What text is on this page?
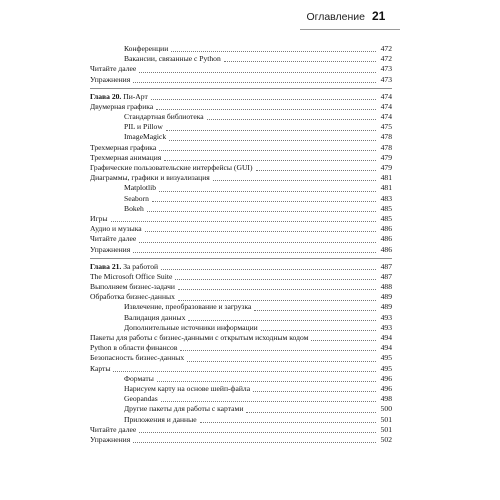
Оглавление 21
Конференции	472
Вакансии, связанные с Python	472
Читайте далее	473
Упражнения	473
Глава 20. Пи-Арт	474
Двумерная графика	474
Стандартная библиотека	474
PIL и Pillow	475
ImageMagick	478
Трехмерная графика	478
Трехмерная анимация	479
Графические пользовательские интерфейсы (GUI)	479
Диаграммы, графики и визуализация	481
Matplotlib	481
Seaborn	483
Bokeh	485
Игры	485
Аудио и музыка	486
Читайте далее	486
Упражнения	486
Глава 21. За работой	487
The Microsoft Office Suite	487
Выполняем бизнес-задачи	488
Обработка бизнес-данных	489
Извлечение, преобразование и загрузка	489
Валидация данных	493
Дополнительные источники информации	493
Пакеты для работы с бизнес-данными с открытым исходным кодом	494
Python в области финансов	494
Безопасность бизнес-данных	495
Карты	495
Форматы	496
Нарисуем карту на основе шейп-файла	496
Geopandas	498
Другие пакеты для работы с картами	500
Приложения и данные	501
Читайте далее	501
Упражнения	502
